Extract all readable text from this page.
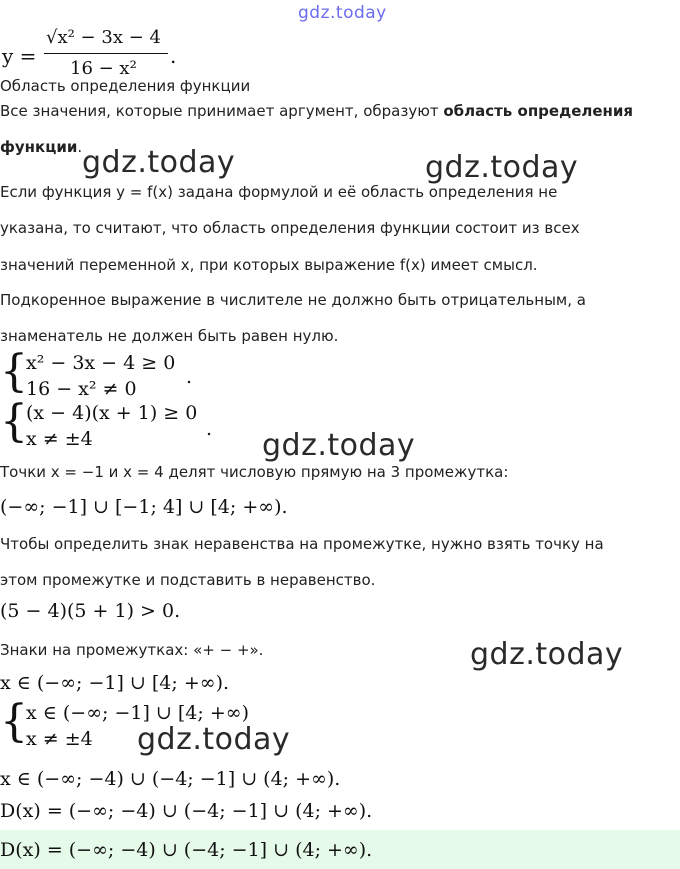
gdz.today
y =
√x² − 3x − 4
16 − x²
.
Область определения функции
Все значения, которые принимает аргумент, образуют область определения
функции. gdz.today	gdz.today
Если функция y = f(x) задана формулой и её область определения не
указана, то считают, что область определения функции состоит из всех
значений переменной x, при которых выражение f(x) имеет смысл.
Подкоренное выражение в числителе не должно быть отрицательным, а
знаменатель не должен быть равен нулю.
{
x² − 3x − 4 ≥ 0
16 − x² ≠ 0
.
{
(x − 4)(x + 1) ≥ 0
x ≠ ±4	. gdz.today
Точки x = −1 и x = 4 делят числовую прямую на 3 промежутка:
(−∞; −1] ∪ [−1; 4] ∪ [4; +∞).
Чтобы определить знак неравенства на промежутке, нужно взять точку на
этом промежутке и подставить в неравенство.
(5 − 4)(5 + 1) > 0.
Знаки на промежутках: «+ − +».	gdz.today
x ∈ (−∞; −1] ∪ [4; +∞).
{
x ∈ (−∞; −1] ∪ [4; +∞)
x ≠ ±4 gdz.today
x ∈ (−∞; −4) ∪ (−4; −1] ∪ (4; +∞).
D(x) = (−∞; −4) ∪ (−4; −1] ∪ (4; +∞).
D(x) = (−∞; −4) ∪ (−4; −1] ∪ (4; +∞).
